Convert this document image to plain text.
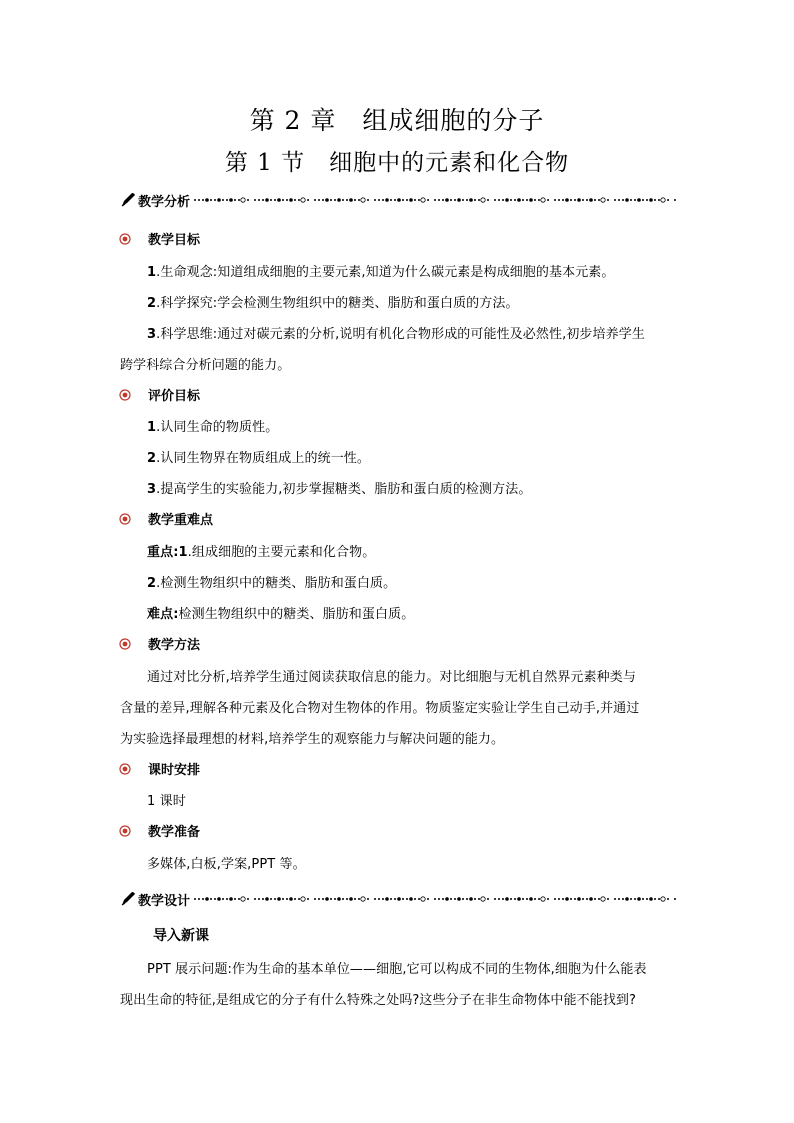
第 2 章　组成细胞的分子
第 1 节　细胞中的元素和化合物
教学分析
教学目标
1.生命观念:知道组成细胞的主要元素,知道为什么碳元素是构成细胞的基本元素。
2.科学探究:学会检测生物组织中的糖类、脂肪和蛋白质的方法。
3.科学思维:通过对碳元素的分析,说明有机化合物形成的可能性及必然性,初步培养学生
跨学科综合分析问题的能力。
评价目标
1.认同生命的物质性。
2.认同生物界在物质组成上的统一性。
3.提高学生的实验能力,初步掌握糖类、脂肪和蛋白质的检测方法。
教学重难点
重点:1.组成细胞的主要元素和化合物。
2.检测生物组织中的糖类、脂肪和蛋白质。
难点:检测生物组织中的糖类、脂肪和蛋白质。
教学方法
通过对比分析,培养学生通过阅读获取信息的能力。对比细胞与无机自然界元素种类与
含量的差异,理解各种元素及化合物对生物体的作用。物质鉴定实验让学生自己动手,并通过
为实验选择最理想的材料,培养学生的观察能力与解决问题的能力。
课时安排
1 课时
教学准备
多媒体,白板,学案,PPT 等。
教学设计
导入新课
PPT 展示问题:作为生命的基本单位——细胞,它可以构成不同的生物体,细胞为什么能表
现出生命的特征,是组成它的分子有什么特殊之处吗?这些分子在非生命物体中能不能找到?
